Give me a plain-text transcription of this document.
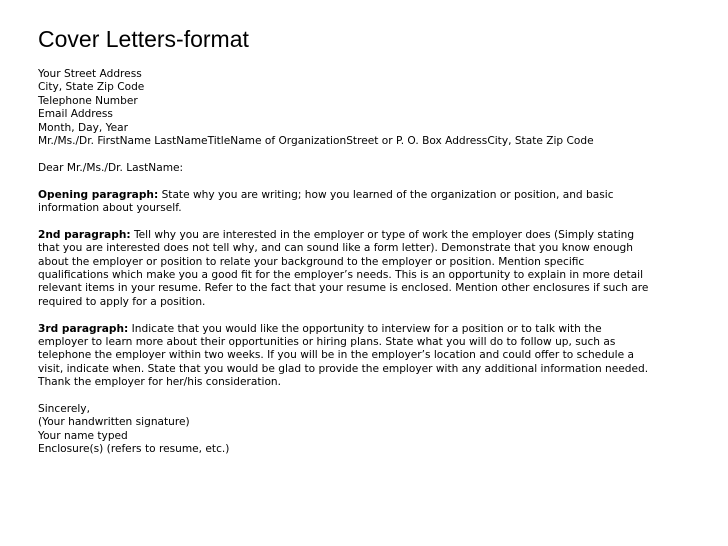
Cover Letters-format
Your Street Address
City, State Zip Code
Telephone Number
Email Address
Month, Day, Year
Mr./Ms./Dr. FirstName LastNameTitleName of OrganizationStreet or P. O. Box AddressCity, State Zip Code
Dear Mr./Ms./Dr. LastName:
Opening paragraph: State why you are writing; how you learned of the organization or position, and basic
information about yourself.
2nd paragraph: Tell why you are interested in the employer or type of work the employer does (Simply stating
that you are interested does not tell why, and can sound like a form letter). Demonstrate that you know enough
about the employer or position to relate your background to the employer or position. Mention specific
qualifications which make you a good fit for the employer’s needs. This is an opportunity to explain in more detail
relevant items in your resume. Refer to the fact that your resume is enclosed. Mention other enclosures if such are
required to apply for a position.
3rd paragraph: Indicate that you would like the opportunity to interview for a position or to talk with the
employer to learn more about their opportunities or hiring plans. State what you will do to follow up, such as
telephone the employer within two weeks. If you will be in the employer’s location and could offer to schedule a
visit, indicate when. State that you would be glad to provide the employer with any additional information needed.
Thank the employer for her/his consideration.
Sincerely,
(Your handwritten signature)
Your name typed
Enclosure(s) (refers to resume, etc.)
